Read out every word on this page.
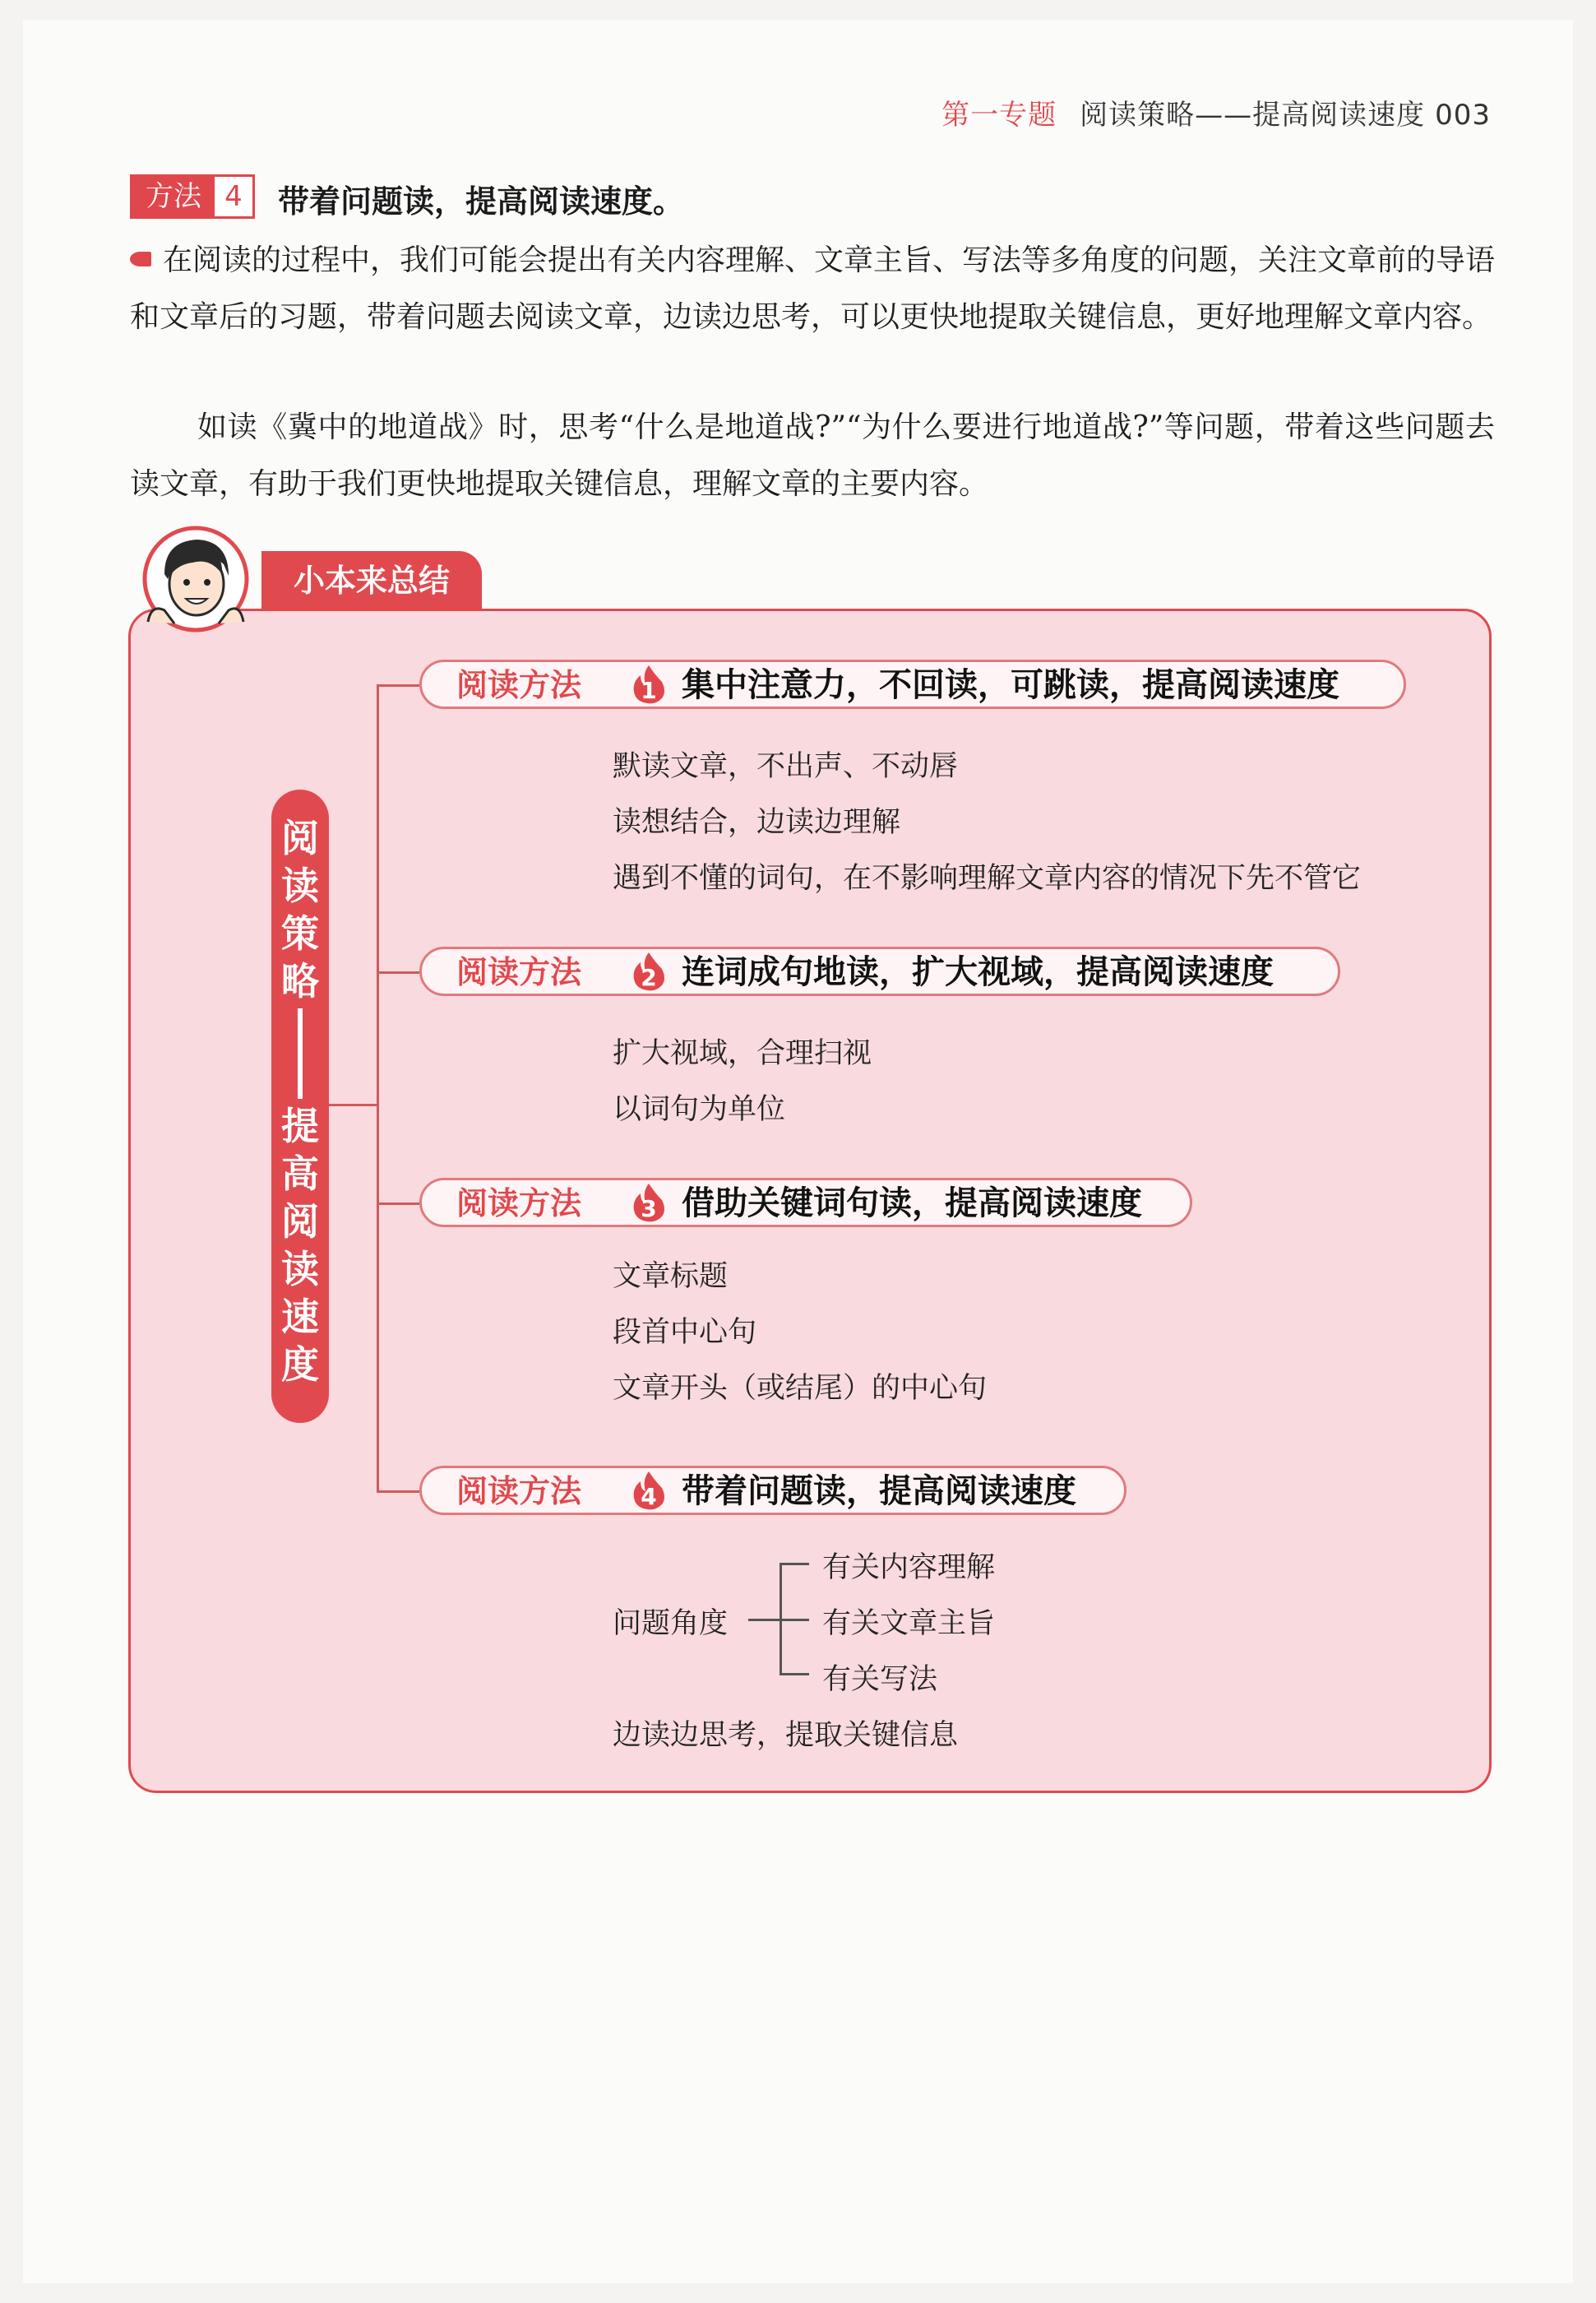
第一专题 阅读策略——提高阅读速度 003
方法 4	带着问题读，提高阅读速度。
在阅读的过程中，我们可能会提出有关内容理解、文章主旨、写法等多角度的问题，关注文章前的导语和文章后的习题，带着问题去阅读文章，边读边思考，可以更快地提取关键信息，更好地理解文章内容。
如读《冀中的地道战》时，思考“什么是地道战?”“为什么要进行地道战?”等问题，带着这些问题去读文章，有助于我们更快地提取关键信息，理解文章的主要内容。
小本来总结
阅
读
策
略
提
高
阅
读
速
度
阅读方法	1 集中注意力，不回读，可跳读，提高阅读速度
默读文章，不出声、不动唇
读想结合，边读边理解
遇到不懂的词句，在不影响理解文章内容的情况下先不管它
阅读方法	2 连词成句地读，扩大视域，提高阅读速度
扩大视域，合理扫视
以词句为单位
阅读方法	3 借助关键词句读，提高阅读速度
文章标题
段首中心句
文章开头（或结尾）的中心句
阅读方法	4 带着问题读，提高阅读速度
问题角度
有关内容理解
有关文章主旨
有关写法
边读边思考，提取关键信息
